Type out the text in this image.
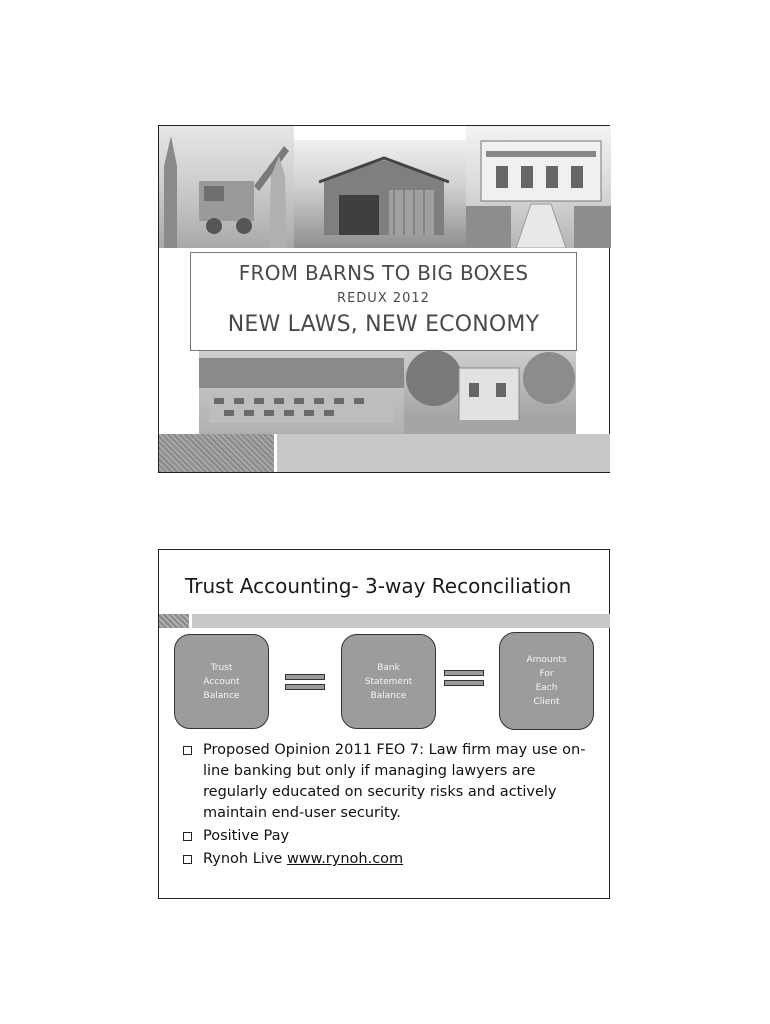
FROM BARNS TO BIG BOXES
REDUX 2012
NEW LAWS, NEW ECONOMY
Trust Accounting- 3-way Reconciliation
Trust
Account
Balance
Bank
Statement
Balance
Amounts
For
Each
Client
Proposed Opinion 2011 FEO 7: Law firm may use on-line banking but only if managing lawyers are regularly educated on security risks and actively maintain end-user security.
Positive Pay
Rynoh Live www.rynoh.com
